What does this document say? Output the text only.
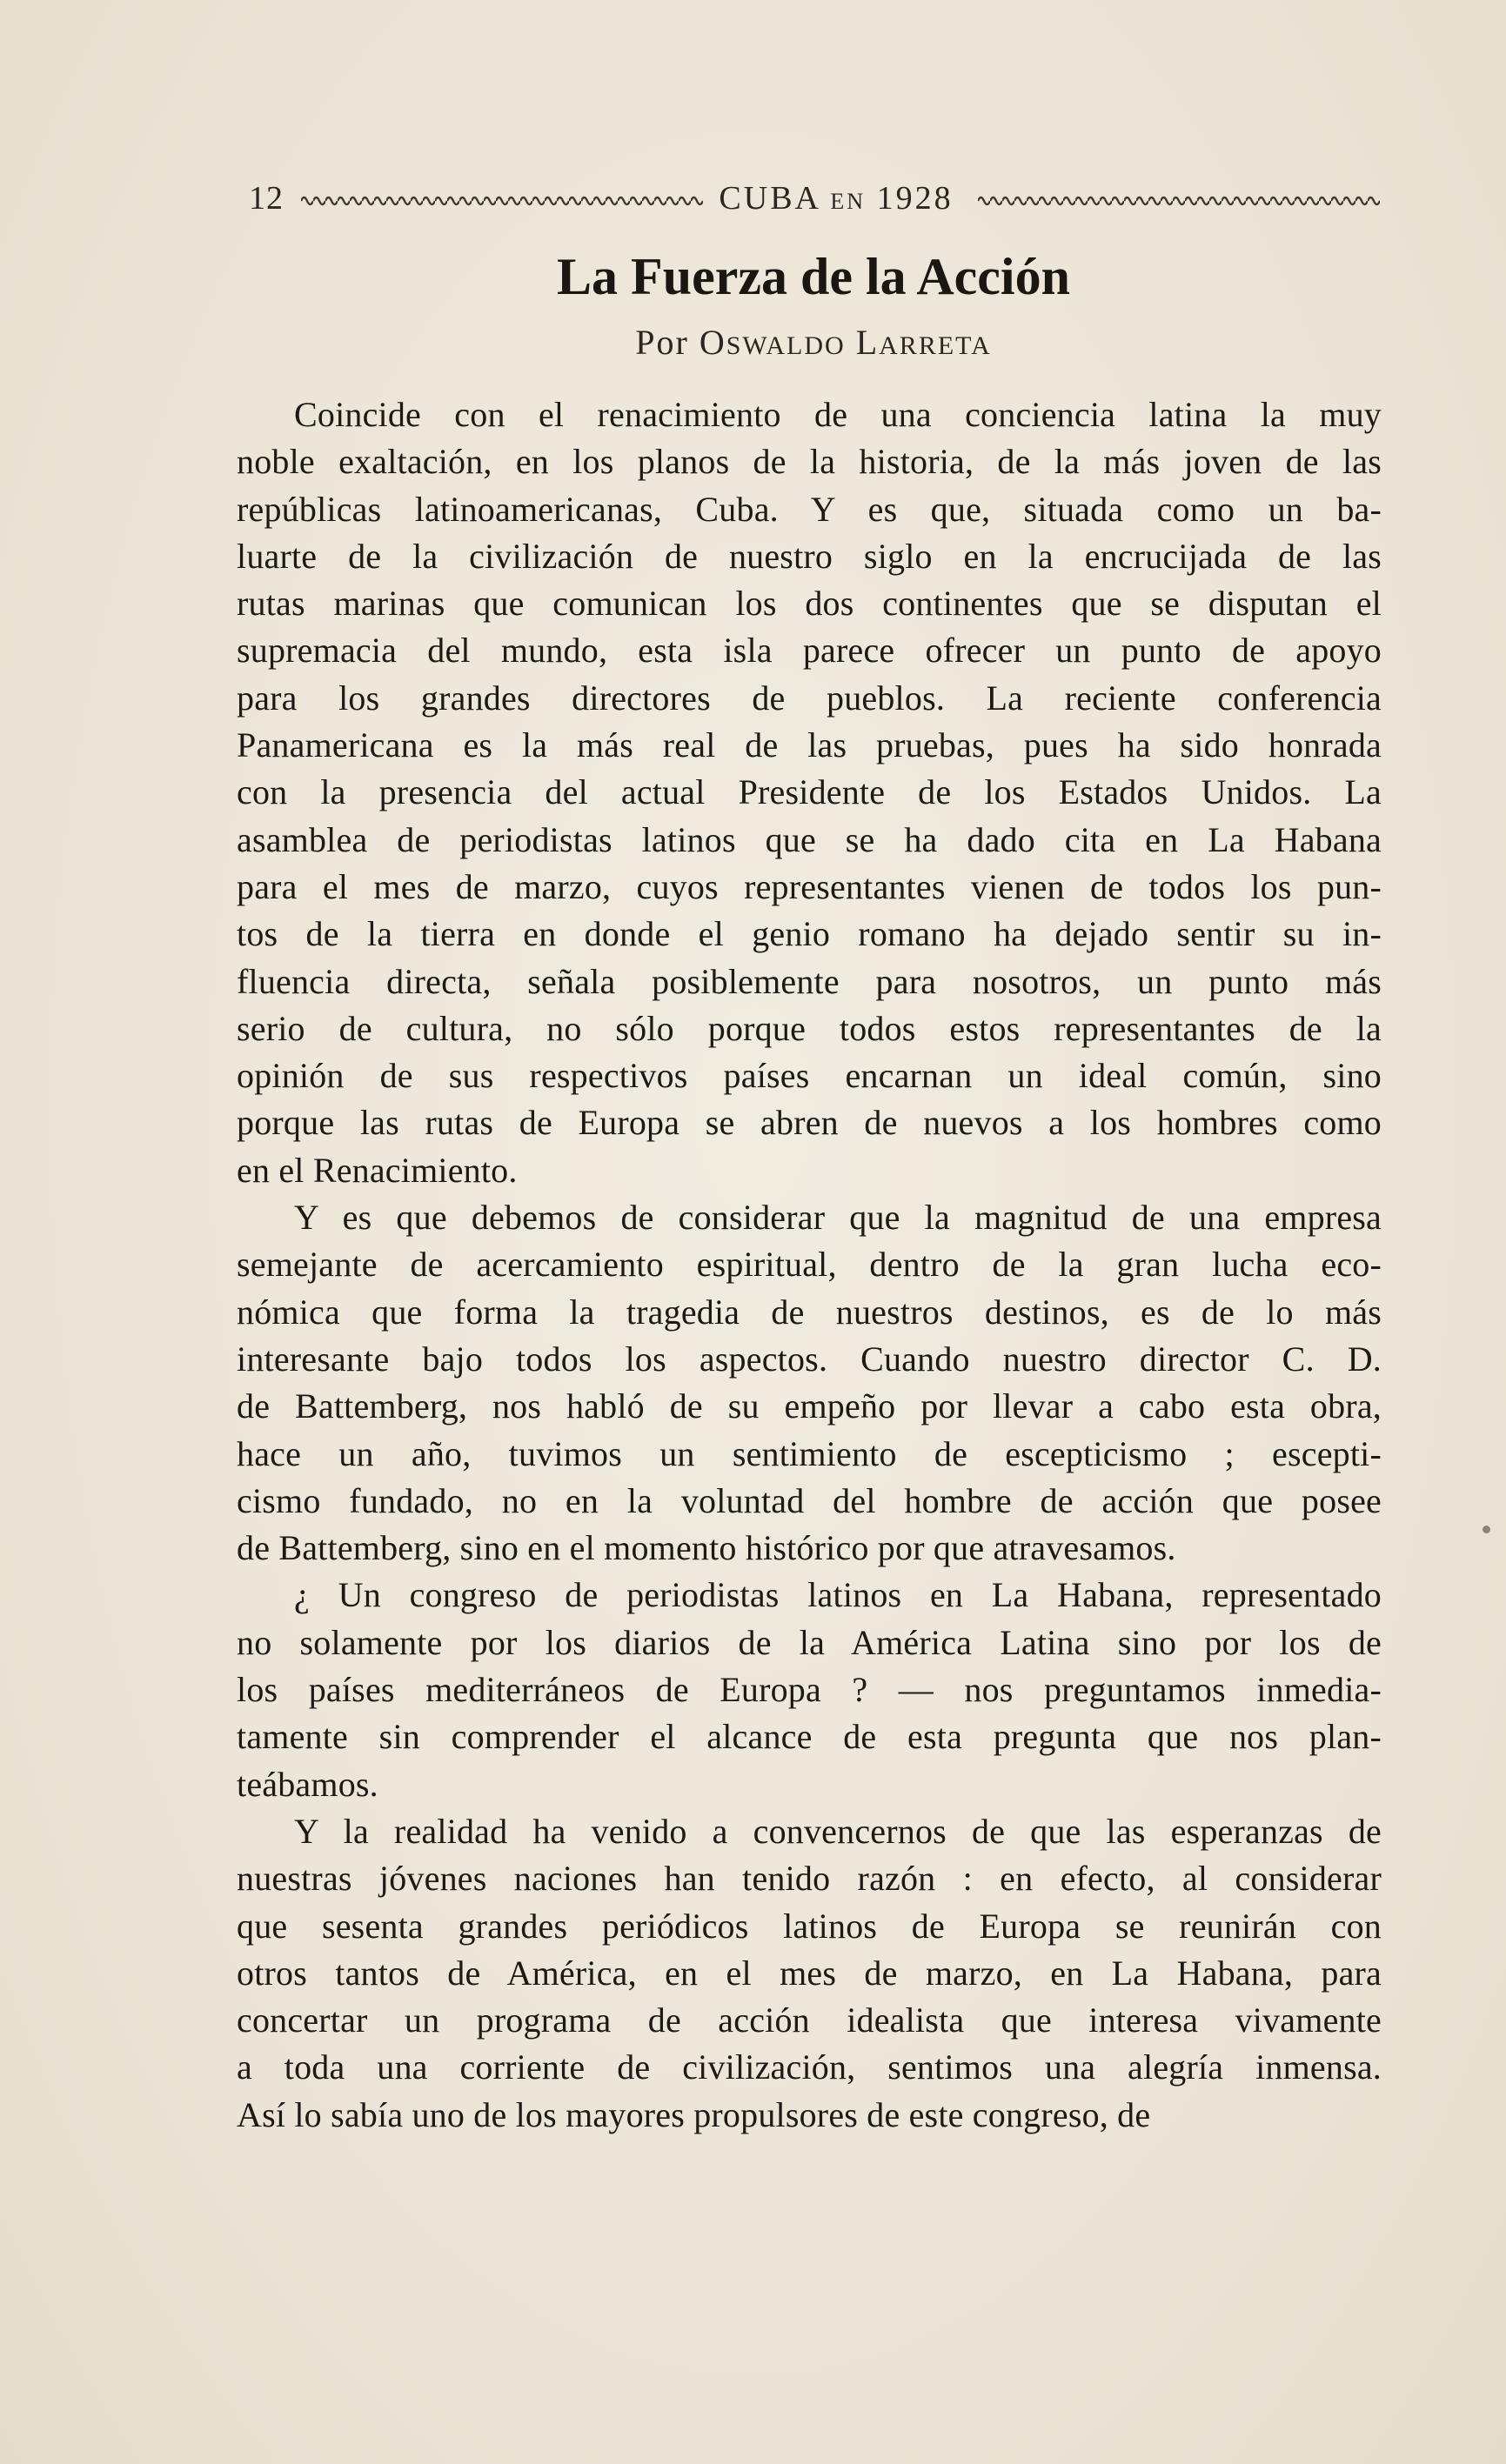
12	CUBA EN 1928
La Fuerza de la Acción
Por OSWALDO LARRETA
Coincide con el renacimiento de una conciencia latina la muy
noble exaltación, en los planos de la historia, de la más joven de las
repúblicas latinoamericanas, Cuba. Y es que, situada como un ba-
luarte de la civilización de nuestro siglo en la encrucijada de las
rutas marinas que comunican los dos continentes que se disputan el
supremacia del mundo, esta isla parece ofrecer un punto de apoyo
para los grandes directores de pueblos. La reciente conferencia
Panamericana es la más real de las pruebas, pues ha sido honrada
con la presencia del actual Presidente de los Estados Unidos. La
asamblea de periodistas latinos que se ha dado cita en La Habana
para el mes de marzo, cuyos representantes vienen de todos los pun-
tos de la tierra en donde el genio romano ha dejado sentir su in-
fluencia directa, señala posiblemente para nosotros, un punto más
serio de cultura, no sólo porque todos estos representantes de la
opinión de sus respectivos países encarnan un ideal común, sino
porque las rutas de Europa se abren de nuevos a los hombres como
en el Renacimiento.
Y es que debemos de considerar que la magnitud de una empresa
semejante de acercamiento espiritual, dentro de la gran lucha eco-
nómica que forma la tragedia de nuestros destinos, es de lo más
interesante bajo todos los aspectos. Cuando nuestro director C. D.
de Battemberg, nos habló de su empeño por llevar a cabo esta obra,
hace un año, tuvimos un sentimiento de escepticismo ; escepti-
cismo fundado, no en la voluntad del hombre de acción que posee
de Battemberg, sino en el momento histórico por que atravesamos.
¿ Un congreso de periodistas latinos en La Habana, representado
no solamente por los diarios de la América Latina sino por los de
los países mediterráneos de Europa ? — nos preguntamos inmedia-
tamente sin comprender el alcance de esta pregunta que nos plan-
teábamos.
Y la realidad ha venido a convencernos de que las esperanzas de
nuestras jóvenes naciones han tenido razón : en efecto, al considerar
que sesenta grandes periódicos latinos de Europa se reunirán con
otros tantos de América, en el mes de marzo, en La Habana, para
concertar un programa de acción idealista que interesa vivamente
a toda una corriente de civilización, sentimos una alegría inmensa.
Así lo sabía uno de los mayores propulsores de este congreso, de
